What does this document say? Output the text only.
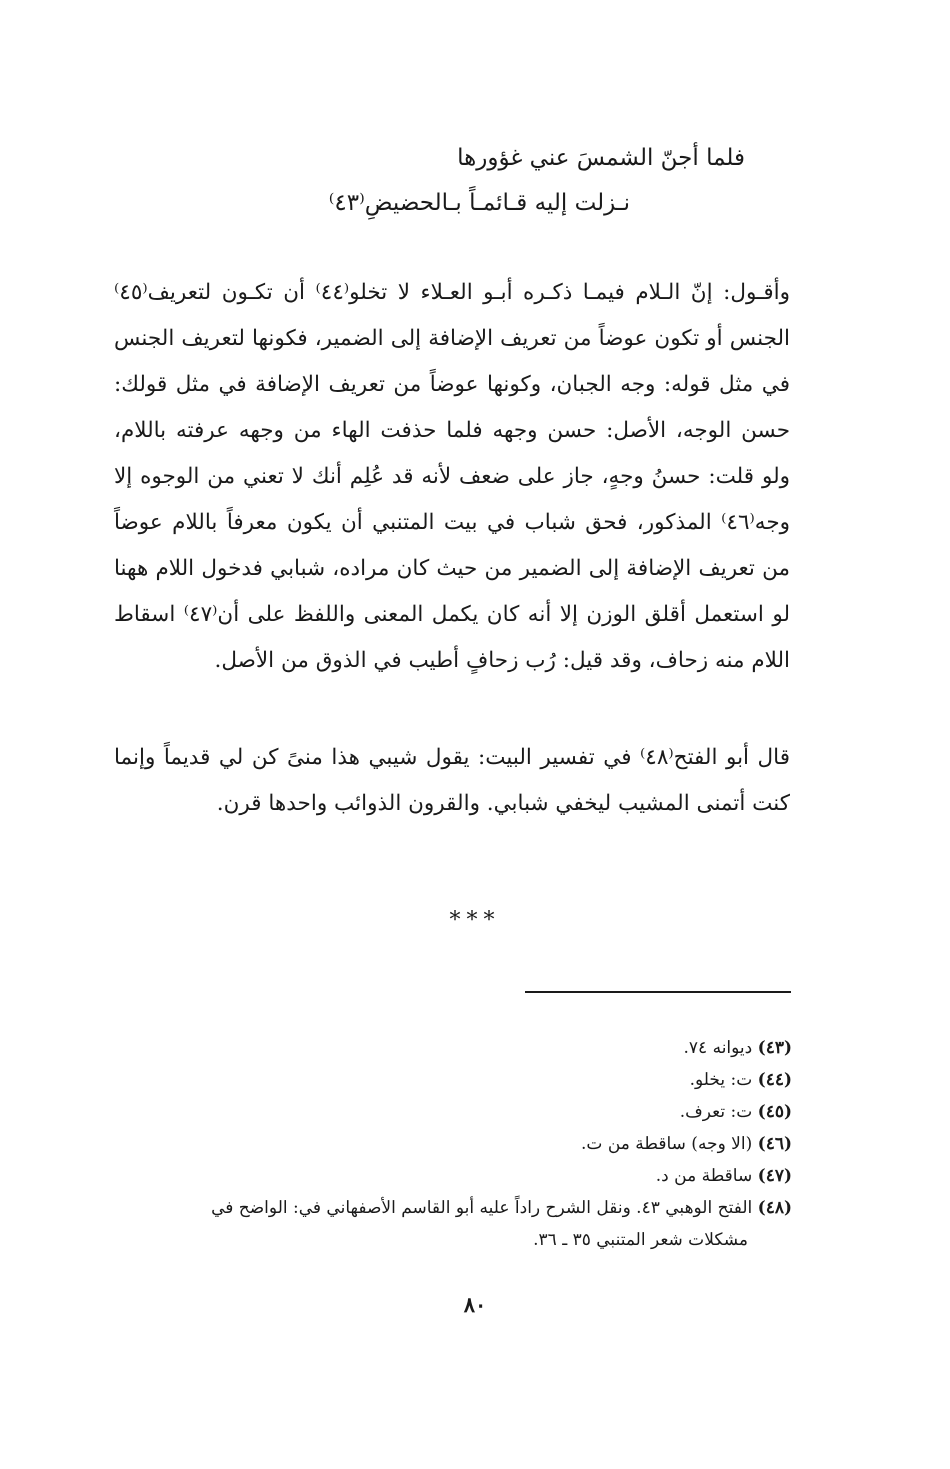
فلما أجنّ الشمسَ عني غؤورها
نـزلت إليه قـائمـاً بـالحضيضِ⁽٤٣⁾
وأقـول: إنّ الـلام فيمـا ذكـره أبـو العـلاء لا تخلو⁽٤٤⁾ أن تكـون لتعريف⁽٤٥⁾ الجنس أو تكون عوضاً من تعريف الإضافة إلى الضمير، فكونها لتعريف الجنس في مثل قوله: وجه الجبان، وكونها عوضاً من تعريف الإضافة في مثل قولك: حسن الوجه، الأصل: حسن وجهه فلما حذفت الهاء من وجهه عرفته باللام، ولو قلت: حسنُ وجهٍ، جاز على ضعف لأنه قد عُلِم أنك لا تعني من الوجوه إلا وجه⁽٤٦⁾ المذكور، فحق شباب في بيت المتنبي أن يكون معرفاً باللام عوضاً من تعريف الإضافة إلى الضمير من حيث كان مراده، شبابي فدخول اللام ههنا لو استعمل أقلق الوزن إلا أنه كان يكمل المعنى واللفظ على أن⁽٤٧⁾ اسقاط اللام منه زحاف، وقد قيل: رُب زحافٍ أطيب في الذوق من الأصل.
قال أبو الفتح⁽٤٨⁾ في تفسير البيت: يقول شيبي هذا منىً كن لي قديماً وإنما كنت أتمنى المشيب ليخفي شبابي. والقرون الذوائب واحدها قرن.
***

(٤٣) ديوانه ٧٤.

(٤٤) ت: يخلو.

(٤٥) ت: تعرف.

(٤٦) (الا وجه) ساقطة من ت.

(٤٧) ساقطة من د.

(٤٨) الفتح الوهبي ٤٣. ونقل الشرح راداً عليه أبو القاسم الأصفهاني في: الواضح في

مشكلات شعر المتنبي ٣٥ ـ ٣٦.

٨٠
